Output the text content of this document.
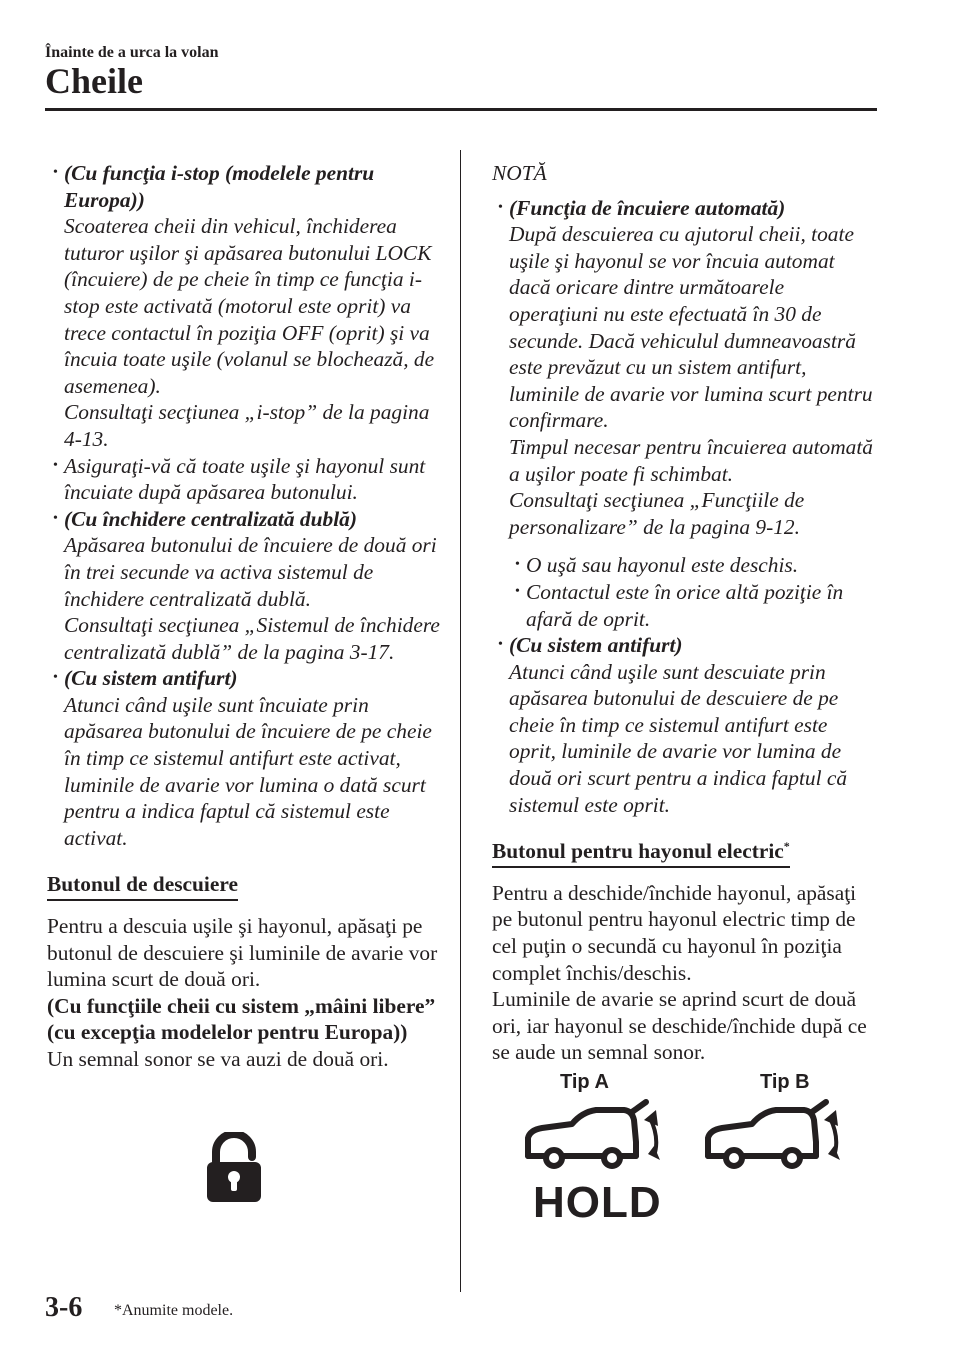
Înainte de a urca la volan
Cheile
• (Cu funcţia i-stop (modelele pentru Europa))

Scoaterea cheii din vehicul, închiderea tuturor uşilor şi apăsarea butonului LOCK (încuiere) de pe cheie în timp ce funcţia i-stop este activată (motorul este oprit) va trece contactul în poziţia OFF (oprit) şi va încuia toate uşile (volanul se blochează, de asemenea).

Consultaţi secţiunea „i-stop” de la pagina 4-13.

• Asiguraţi-vă că toate uşile şi hayonul sunt încuiate după apăsarea butonului.

• (Cu închidere centralizată dublă)

Apăsarea butonului de încuiere de două ori în trei secunde va activa sistemul de închidere centralizată dublă.

Consultaţi secţiunea „Sistemul de închidere centralizată dublă” de la pagina 3-17.

• (Cu sistem antifurt)

Atunci când uşile sunt încuiate prin apăsarea butonului de încuiere de pe cheie în timp ce sistemul antifurt este activat, luminile de avarie vor lumina o dată scurt pentru a indica faptul că sistemul este activat.

Butonul de descuiere

Pentru a descuia uşile şi hayonul, apăsaţi pe butonul de descuiere şi luminile de avarie vor lumina scurt de două ori.

(Cu funcţiile cheii cu sistem „mâini libere” (cu excepţia modelelor pentru Europa))

Un semnal sonor se va auzi de două ori.

NOTĂ

• (Funcţia de încuiere automată)

După descuierea cu ajutorul cheii, toate uşile şi hayonul se vor încuia automat dacă oricare dintre următoarele operaţiuni nu este efectuată în 30 de secunde. Dacă vehiculul dumneavoastră este prevăzut cu un sistem antifurt, luminile de avarie vor lumina scurt pentru confirmare.

Timpul necesar pentru încuierea automată a uşilor poate fi schimbat.

Consultaţi secţiunea „Funcţiile de personalizare” de la pagina 9-12.

• O uşă sau hayonul este deschis.

• Contactul este în orice altă poziţie în afară de oprit.

• (Cu sistem antifurt)

Atunci când uşile sunt descuiate prin apăsarea butonului de descuiere de pe cheie în timp ce sistemul antifurt este oprit, luminile de avarie vor lumina de două ori scurt pentru a indica faptul că sistemul este oprit.

Butonul pentru hayonul electric*

Pentru a deschide/închide hayonul, apăsaţi pe butonul pentru hayonul electric timp de cel puţin o secundă cu hayonul în poziţia complet închis/deschis.

Luminile de avarie se aprind scurt de două ori, iar hayonul se deschide/închide după ce se aude un semnal sonor.

Tip A	Tip B
HOLD
3-6 *Anumite modele.
